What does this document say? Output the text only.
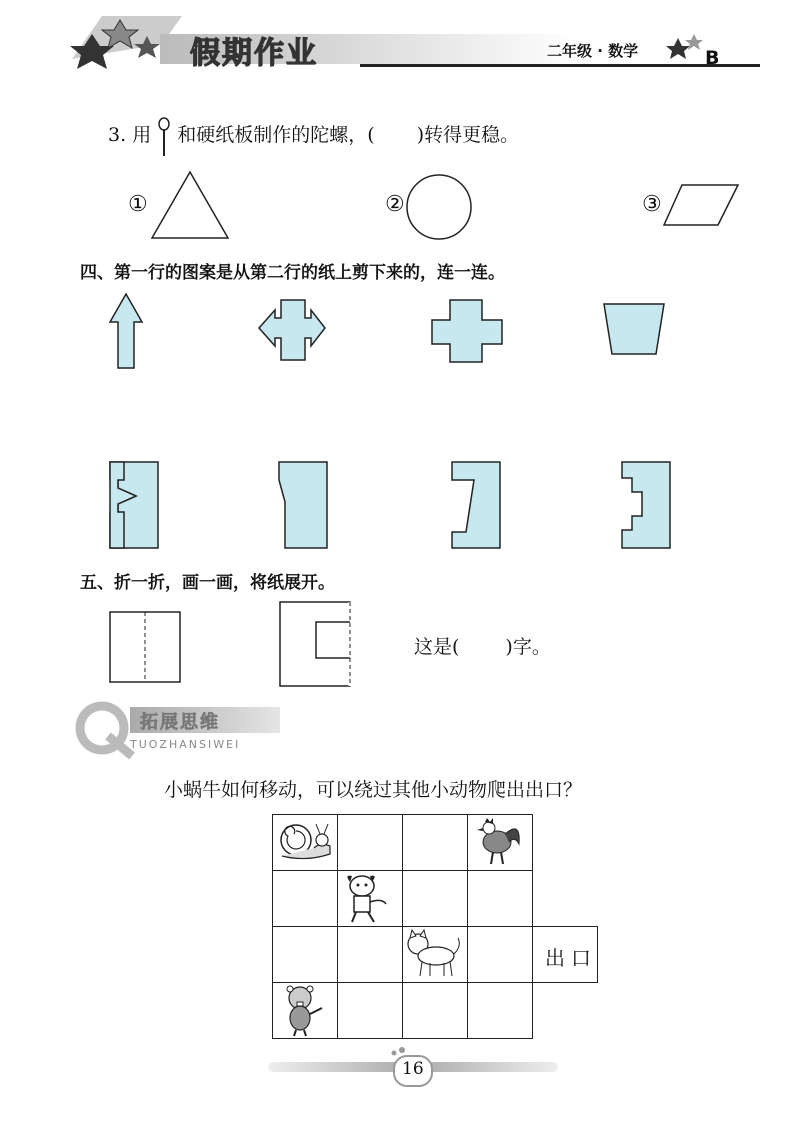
假期作业	二年级 · 数学	B
3. 用 和硬纸板制作的陀螺，( )转得更稳。
①	②	③
四、第一行的图案是从第二行的纸上剪下来的，连一连。
五、折一折，画一画，将纸展开。
这是( )字。
拓展思维
TUOZHANSIWEI
小蜗牛如何移动，可以绕过其他小动物爬出出口？
出口
16
